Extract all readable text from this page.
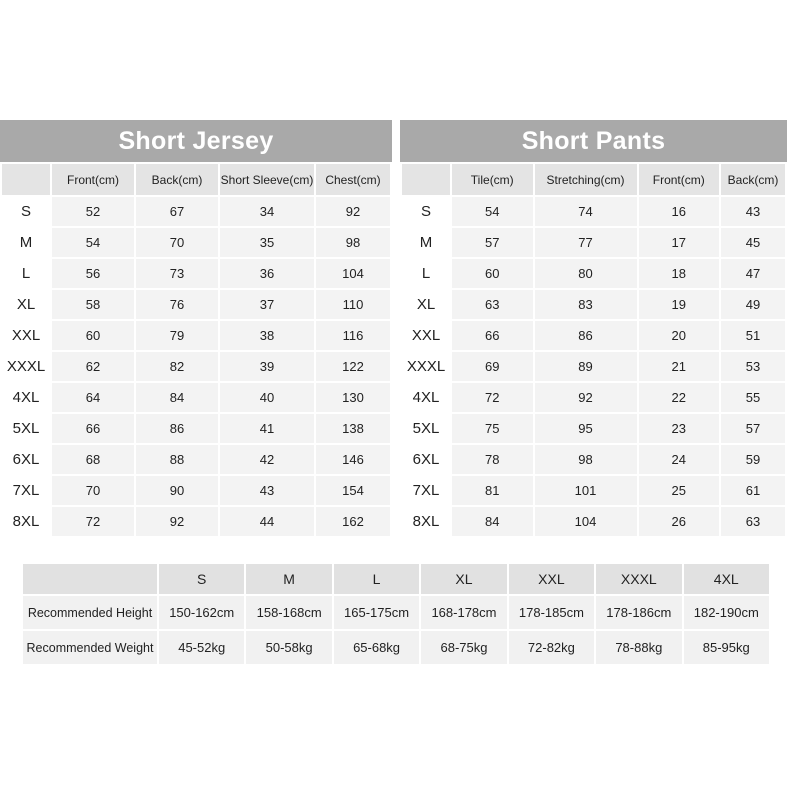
Short Jersey
	Front(cm)	Back(cm)	Short Sleeve(cm)	Chest(cm)
S	52	67	34	92
M	54	70	35	98
L	56	73	36	104
XL	58	76	37	110
XXL	60	79	38	116
XXXL	62	82	39	122
4XL	64	84	40	130
5XL	66	86	41	138
6XL	68	88	42	146
7XL	70	90	43	154
8XL	72	92	44	162
Short Pants
	Tile(cm)	Stretching(cm)	Front(cm)	Back(cm)
S	54	74	16	43
M	57	77	17	45
L	60	80	18	47
XL	63	83	19	49
XXL	66	86	20	51
XXXL	69	89	21	53
4XL	72	92	22	55
5XL	75	95	23	57
6XL	78	98	24	59
7XL	81	101	25	61
8XL	84	104	26	63
	S	M	L	XL	XXL	XXXL	4XL
Recommended Height	150-162cm	158-168cm	165-175cm	168-178cm	178-185cm	178-186cm	182-190cm
Recommended Weight	45-52kg	50-58kg	65-68kg	68-75kg	72-82kg	78-88kg	85-95kg
